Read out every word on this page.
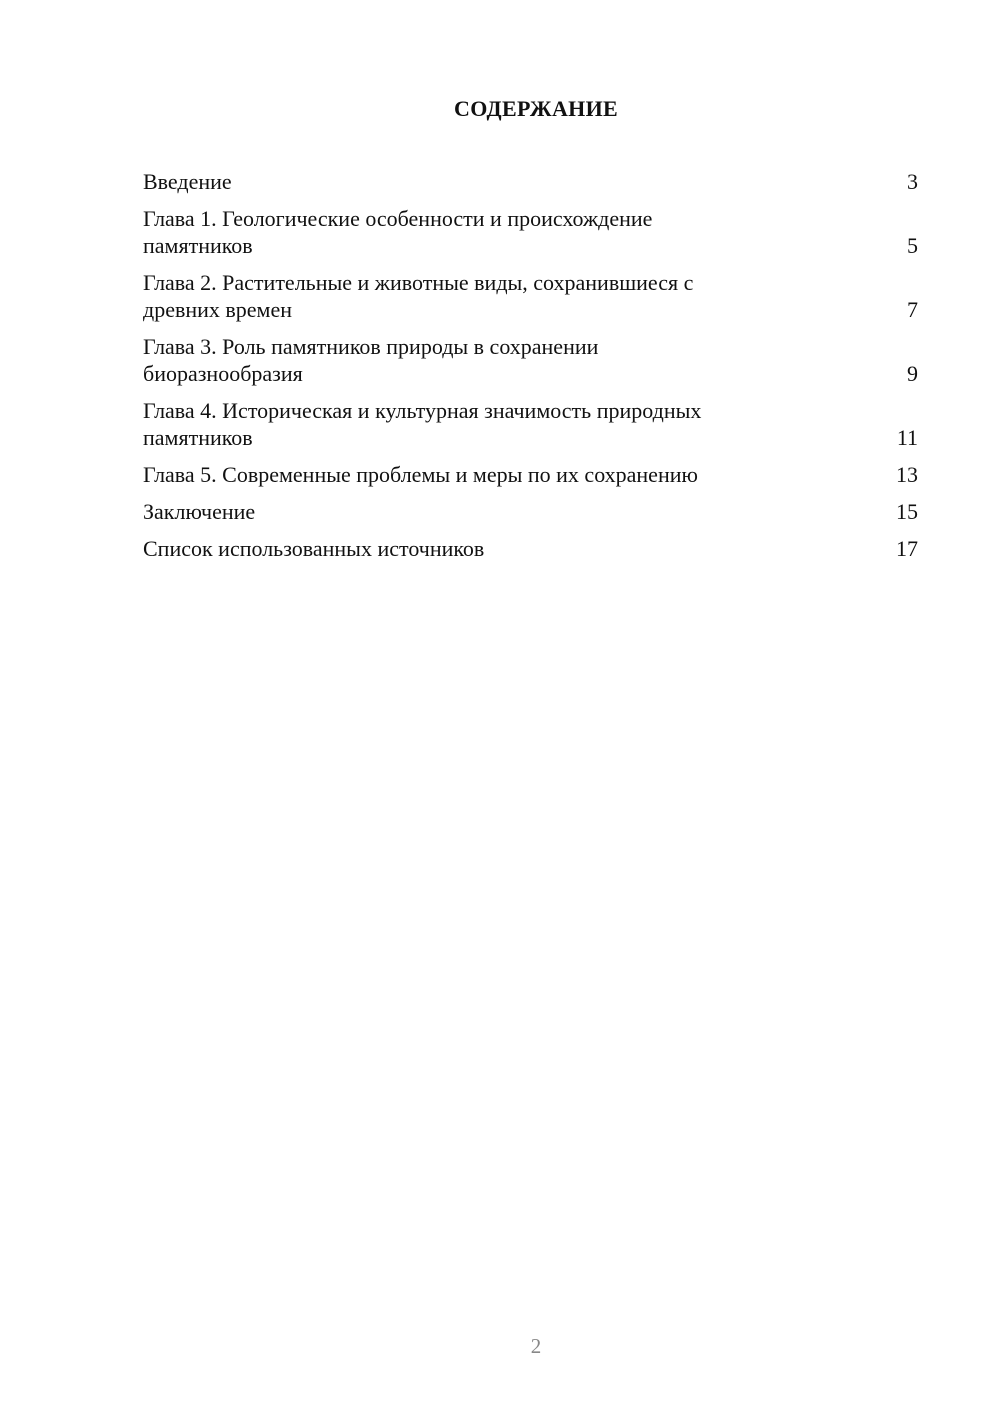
СОДЕРЖАНИЕ
Введение	3
Глава 1. Геологические особенности и происхождение
памятников	5
Глава 2. Растительные и животные виды, сохранившиеся с
древних времен	7
Глава 3. Роль памятников природы в сохранении
биоразнообразия	9
Глава 4. Историческая и культурная значимость природных
памятников	11
Глава 5. Современные проблемы и меры по их сохранению	13
Заключение	15
Список использованных источников	17
2
